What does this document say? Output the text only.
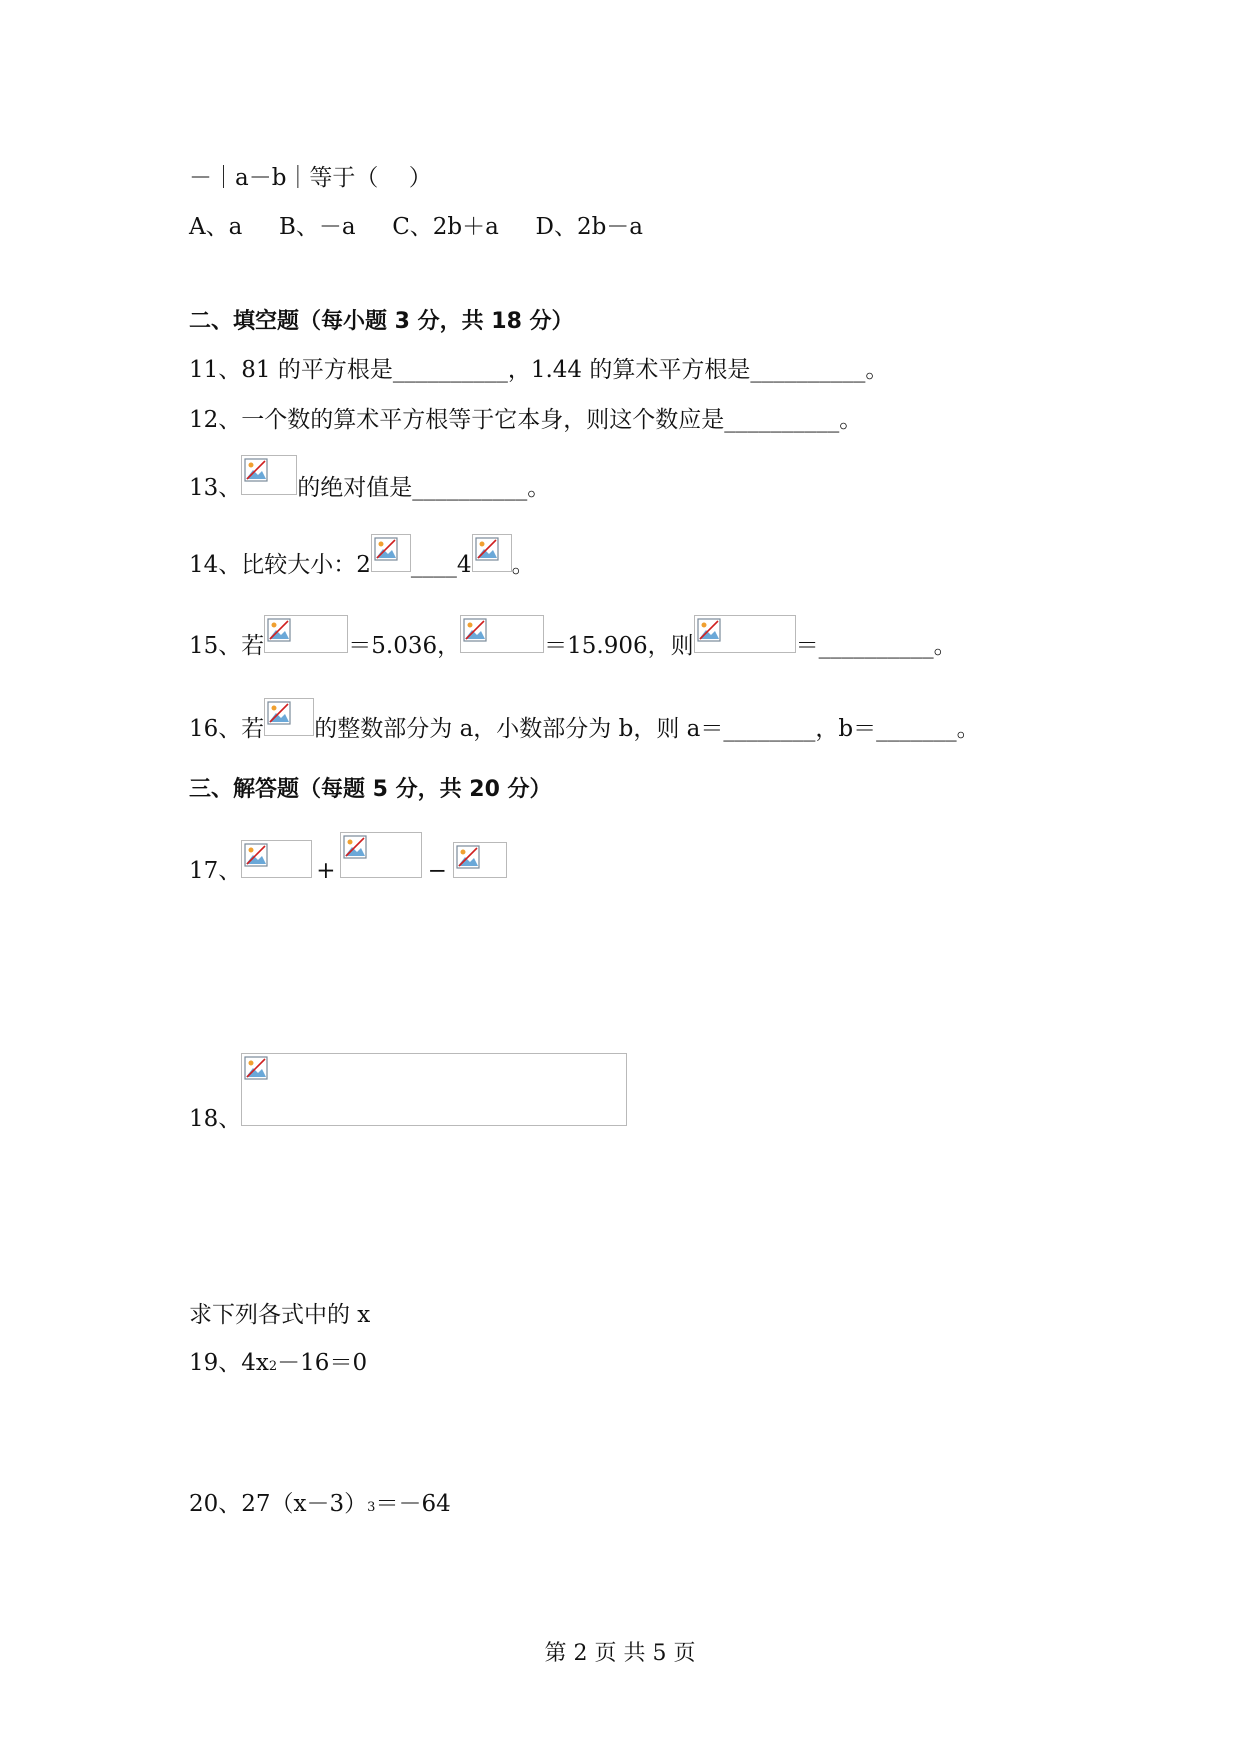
－｜a－b｜等于（　 ）
A、a B、－a C、2b＋a D、2b－a
二、填空题（每小题 3 分，共 18 分）
11、81 的平方根是__________，1.44 的算术平方根是__________。
12、一个数的算术平方根等于它本身，则这个数应是__________。
13、 的绝对值是__________。
14、比较大小：2 ____4 。
15、若	＝5.036，	＝15.906，则	＝__________。
16、若 的整数部分为 a，小数部分为 b，则 a＝________，b＝_______。
三、解答题（每题 5 分，共 20 分）
17、	+	−
18、
求下列各式中的 x
19、4x2－16＝0
20、27（x－3）3＝－64
第 2 页 共 5 页
